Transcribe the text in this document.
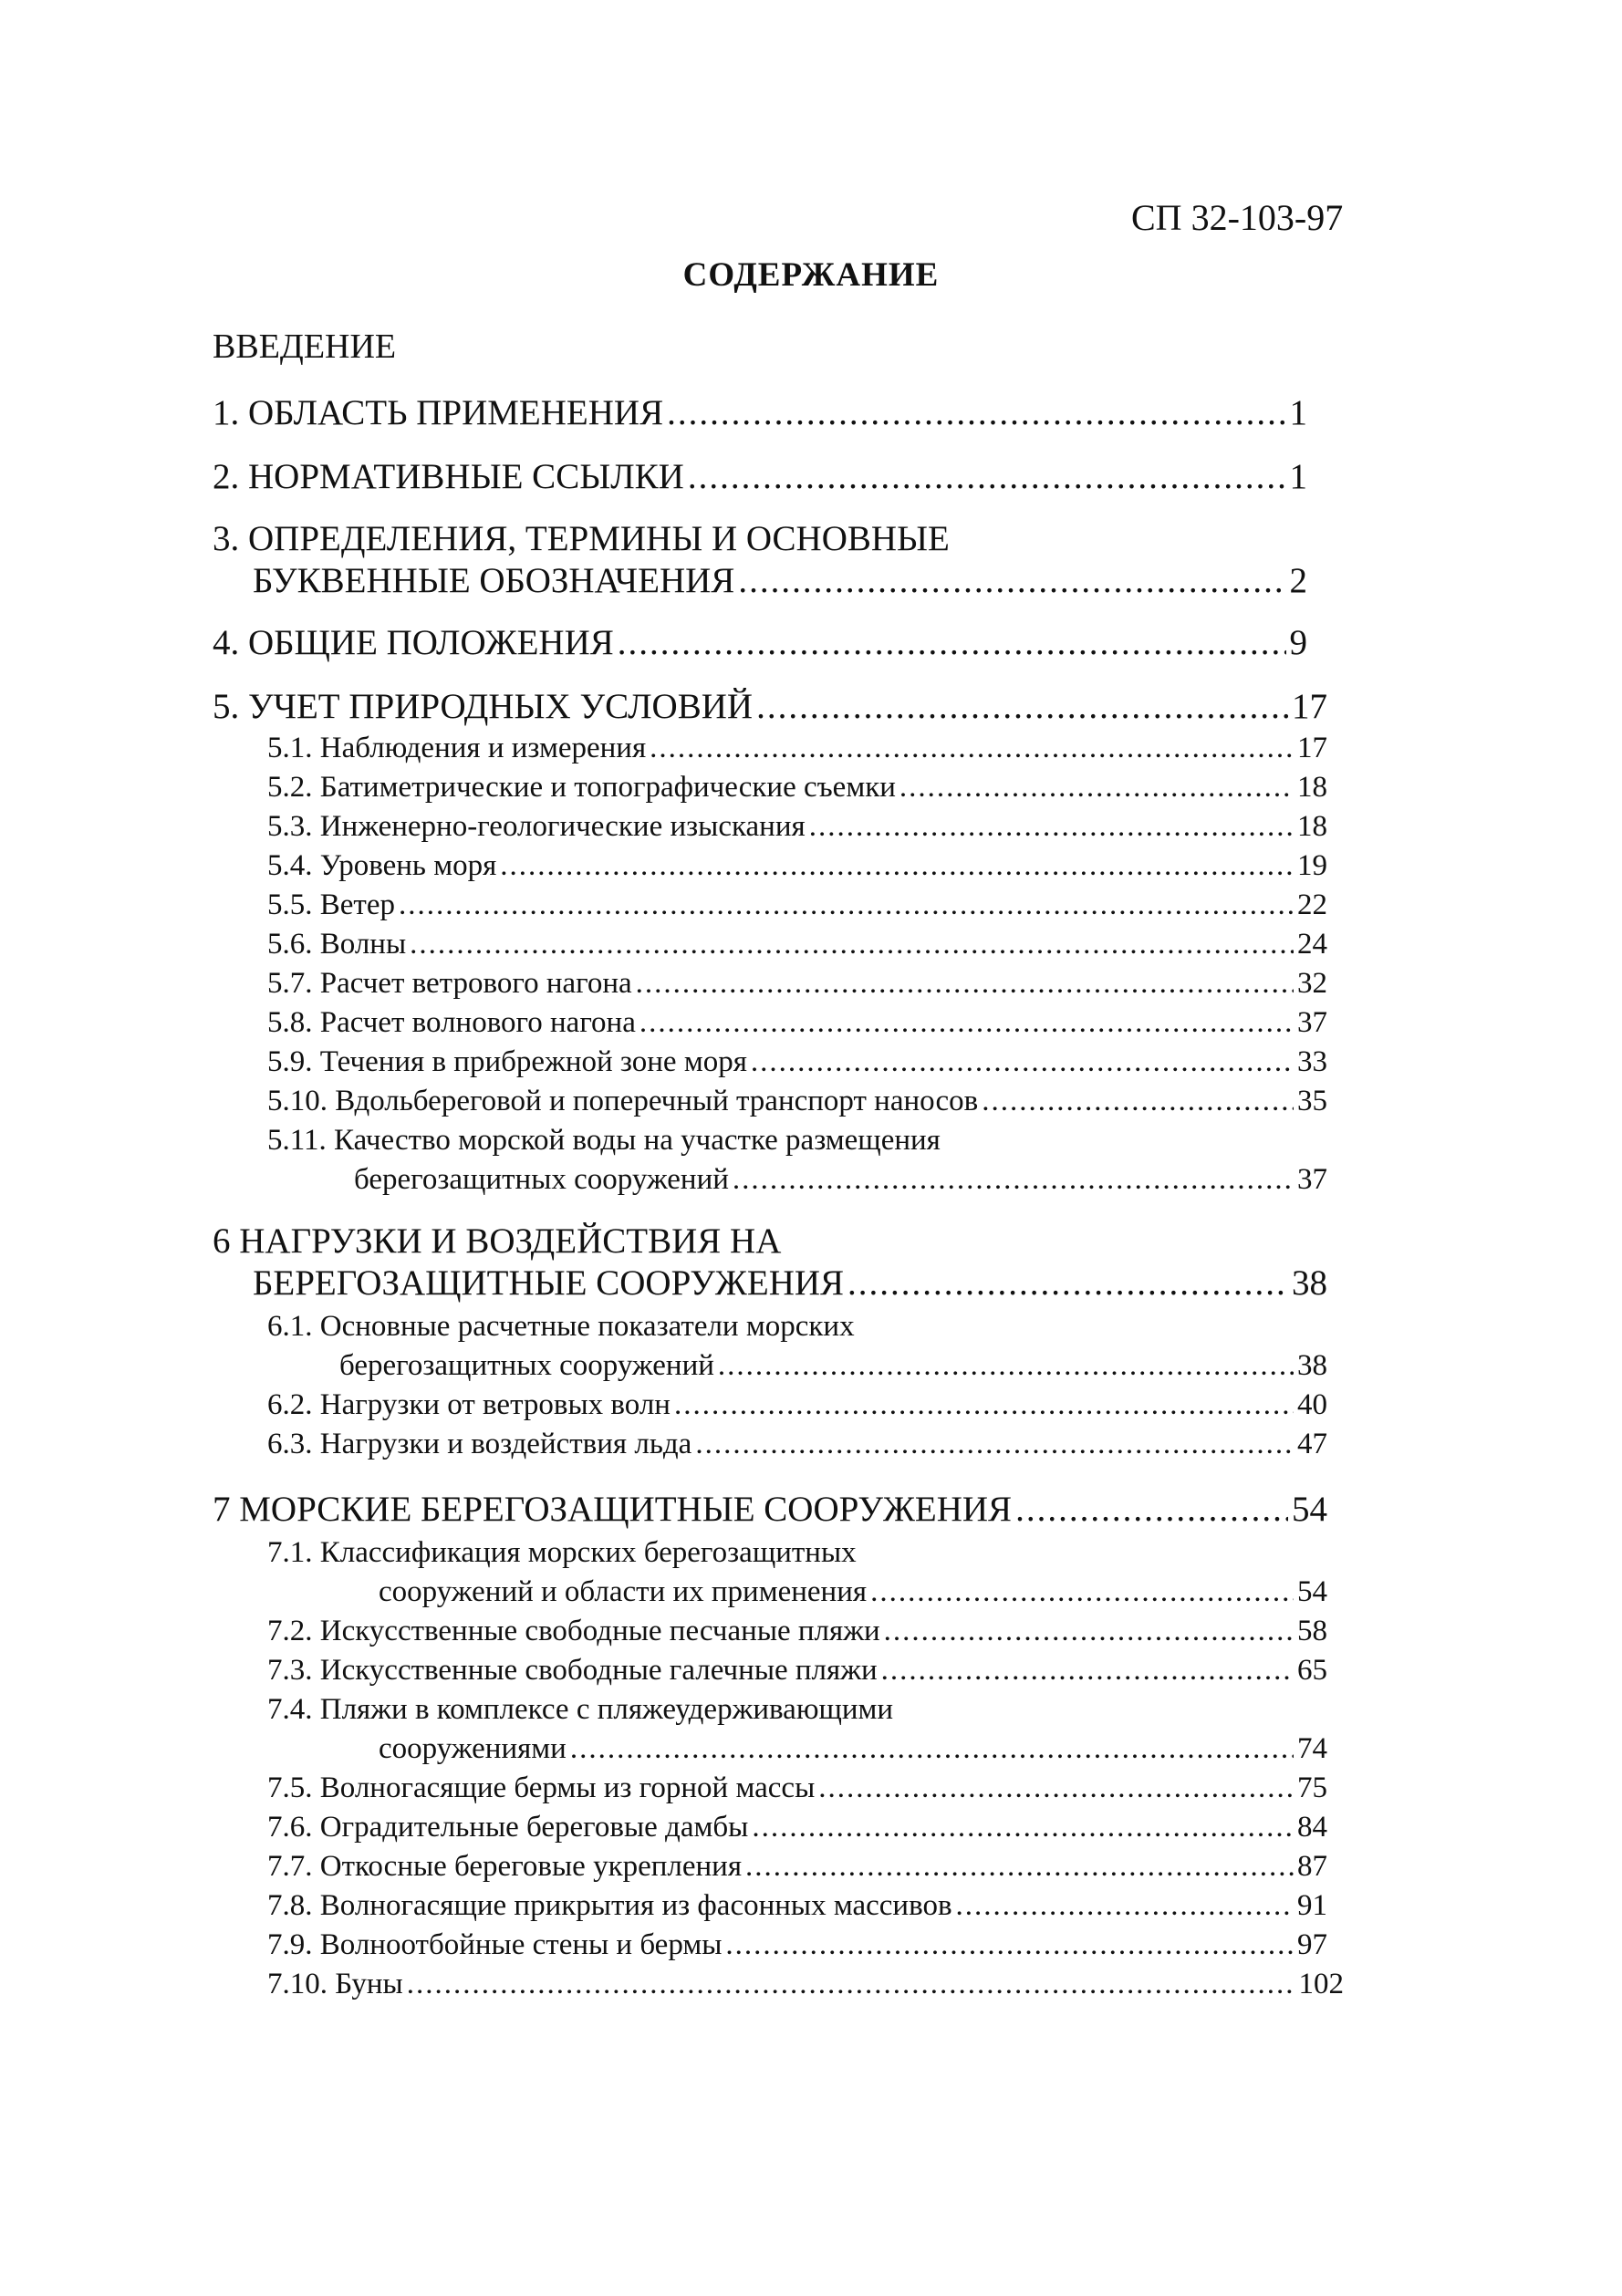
СП 32-103-97
СОДЕРЖАНИЕ
ВВЕДЕНИЕ
1. ОБЛАСТЬ ПРИМЕНЕНИЯ .....	1
2. НОРМАТИВНЫЕ ССЫЛКИ .....	1
3. ОПРЕДЕЛЕНИЯ, ТЕРМИНЫ И ОСНОВНЫЕ
БУКВЕННЫЕ ОБОЗНАЧЕНИЯ .....	2
4. ОБЩИЕ ПОЛОЖЕНИЯ .....	9
5. УЧЕТ ПРИРОДНЫХ УСЛОВИЙ .....	17
5.1. Наблюдения и измерения .....	17
5.2. Батиметрические и топографические съемки .....	18
5.3. Инженерно-геологические изыскания .....	18
5.4. Уровень моря .....	19
5.5. Ветер .....	22
5.6. Волны .....	24
5.7. Расчет ветрового нагона .....	32
5.8. Расчет волнового нагона .....	37
5.9. Течения в прибрежной зоне моря .....	33
5.10. Вдольбереговой и поперечный транспорт наносов .....	35
5.11. Качество морской воды на участке размещения
берегозащитных сооружений .....	37
6 НАГРУЗКИ И ВОЗДЕЙСТВИЯ НА
БЕРЕГОЗАЩИТНЫЕ СООРУЖЕНИЯ .....	38
6.1. Основные расчетные показатели морских
берегозащитных сооружений .....	38
6.2. Нагрузки от ветровых волн .....	40
6.3. Нагрузки и воздействия льда .....	47
7 МОРСКИЕ БЕРЕГОЗАЩИТНЫЕ СООРУЖЕНИЯ .....	54
7.1. Классификация морских берегозащитных
сооружений и области их применения .....	54
7.2. Искусственные свободные песчаные пляжи .....	58
7.3. Искусственные свободные галечные пляжи .....	65
7.4. Пляжи в комплексе с пляжеудерживающими
сооружениями .....	74
7.5. Волногасящие бермы из горной массы .....	75
7.6. Оградительные береговые дамбы .....	84
7.7. Откосные береговые укрепления .....	87
7.8. Волногасящие прикрытия из фасонных массивов .....	91
7.9. Волноотбойные стены и бермы .....	97
7.10. Буны .....	102
